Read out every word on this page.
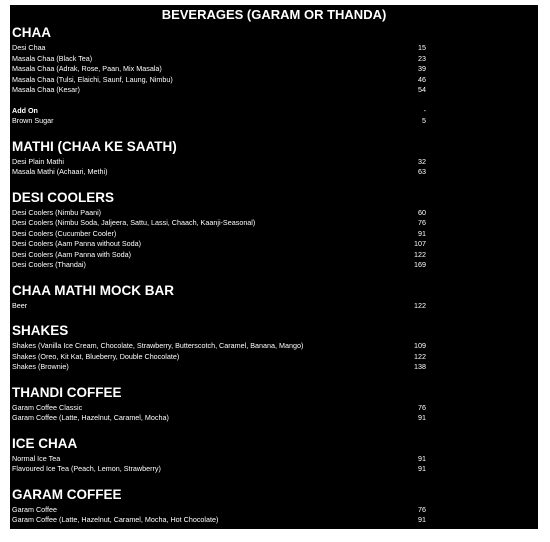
BEVERAGES (GARAM OR THANDA)
CHAA
Desi Chaa	15
Masala Chaa (Black Tea)	23
Masala Chaa (Adrak, Rose, Paan, Mix Masala)	39
Masala Chaa (Tulsi, Elaichi, Saunf, Laung, Nimbu)	46
Masala Chaa (Kesar)	54
Add On	-
Brown Sugar	5
MATHI (CHAA KE SAATH)
Desi Plain Mathi	32
Masala Mathi (Achaari, Methi)	63
DESI COOLERS
Desi Coolers (Nimbu Paani)	60
Desi Coolers (Nimbu Soda, Jaljeera, Sattu, Lassi, Chaach, Kaanji-Seasonal)	76
Desi Coolers (Cucumber Cooler)	91
Desi Coolers (Aam Panna without Soda)	107
Desi Coolers (Aam Panna with Soda)	122
Desi Coolers (Thandai)	169
CHAA MATHI MOCK BAR
Beer	122
SHAKES
Shakes (Vanilla Ice Cream, Chocolate, Strawberry, Butterscotch, Caramel, Banana, Mango)	109
Shakes (Oreo, Kit Kat, Blueberry, Double Chocolate)	122
Shakes (Brownie)	138
THANDI COFFEE
Garam Coffee Classic	76
Garam Coffee (Latte, Hazelnut, Caramel, Mocha)	91
ICE CHAA
Normal Ice Tea	91
Flavoured Ice Tea (Peach, Lemon, Strawberry)	91
GARAM COFFEE
Garam Coffee	76
Garam Coffee (Latte, Hazelnut, Caramel, Mocha, Hot Chocolate)	91
